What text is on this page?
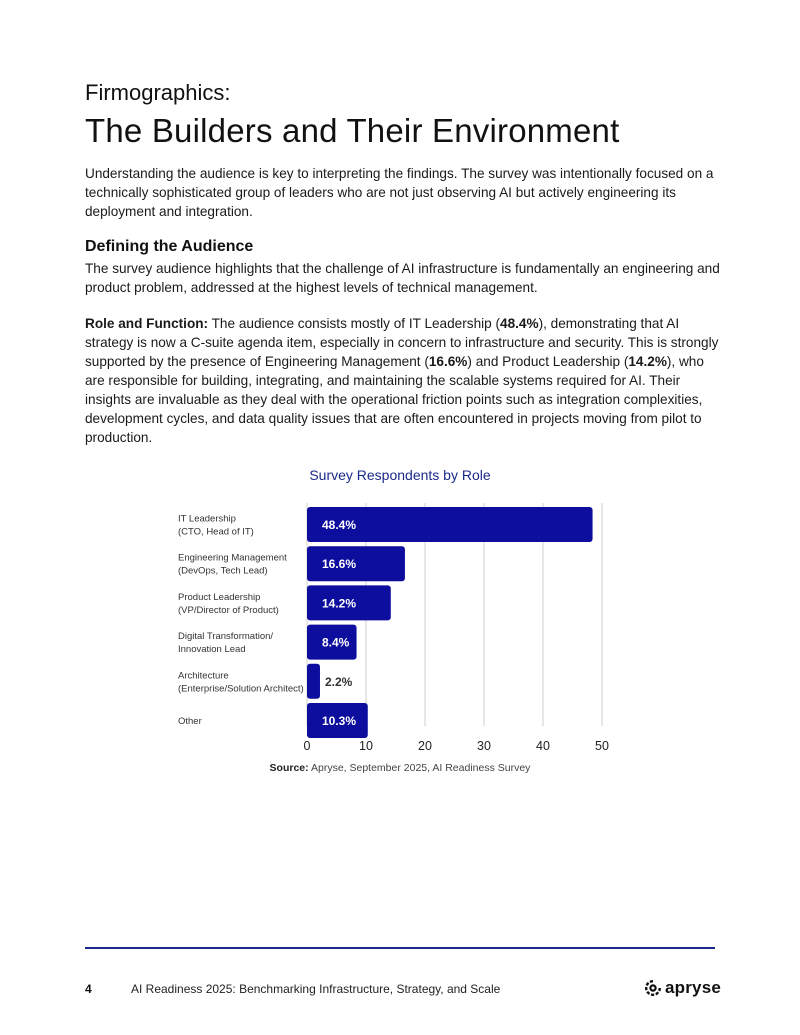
Firmographics:
The Builders and Their Environment

Understanding the audience is key to interpreting the findings. The survey was intentionally focused on a technically sophisticated group of leaders who are not just observing AI but actively engineering its deployment and integration.

Defining the Audience

The survey audience highlights that the challenge of AI infrastructure is fundamentally an engineering and product problem, addressed at the highest levels of technical management.

Role and Function: The audience consists mostly of IT Leadership (48.4%), demonstrating that AI strategy is now a C-suite agenda item, especially in concern to infrastructure and security. This is strongly supported by the presence of Engineering Management (16.6%) and Product Leadership (14.2%), who are responsible for building, integrating, and maintaining the scalable systems required for AI. Their insights are invaluable as they deal with the operational friction points such as integration complexities, development cycles, and data quality issues that are often encountered in projects moving from pilot to production.

Survey Respondents by Role
0	10	20	30	40	50
IT Leadership
(CTO, Head of IT)	48.4%
Engineering Management
(DevOps, Tech Lead)	16.6%
Product Leadership
(VP/Director of Product)	14.2%
Digital Transformation/
Innovation Lead	8.4%
Architecture
(Enterprise/Solution Architect) 2.2%
Other	10.3%
Source: Apryse, September 2025, AI Readiness Survey
4	AI Readiness 2025: Benchmarking Infrastructure, Strategy, and Scale	apryse
